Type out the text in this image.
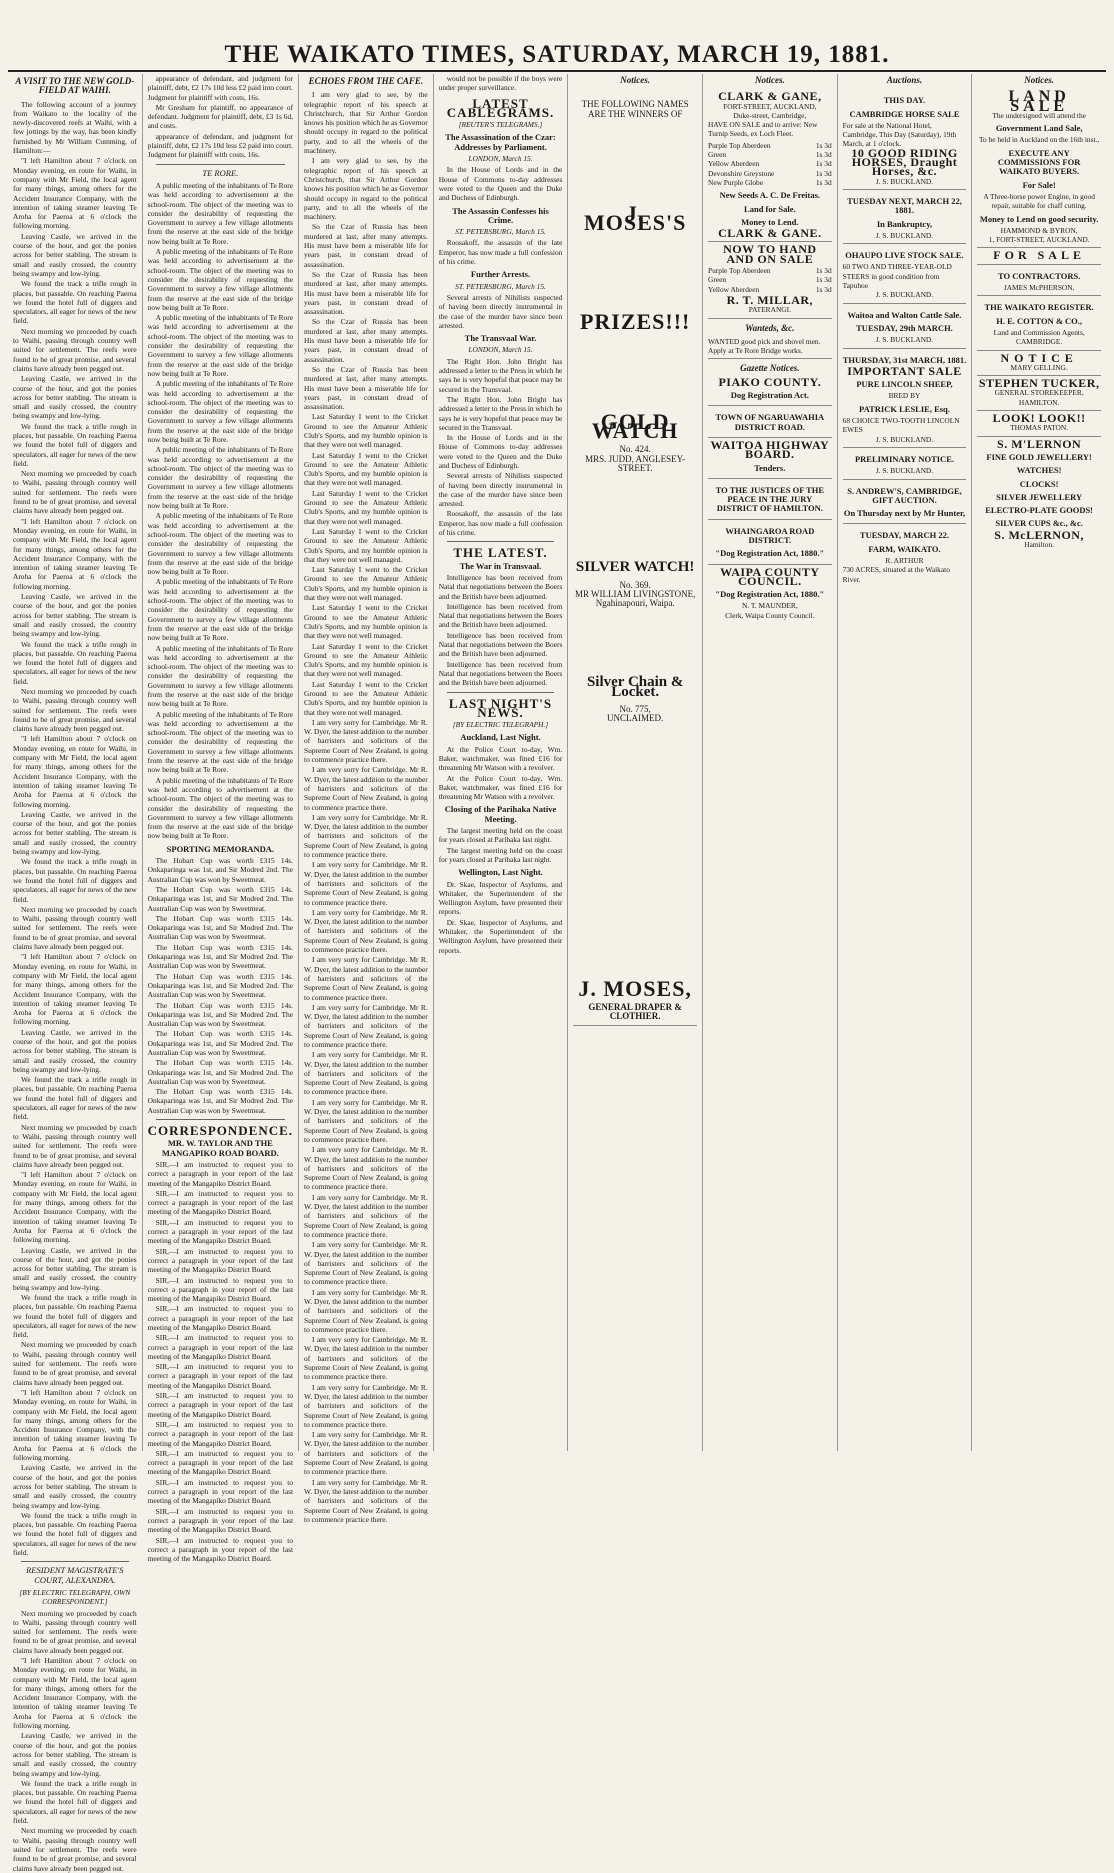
THE WAIKATO TIMES, SATURDAY, MARCH 19, 1881.
A VISIT TO THE NEW GOLD-FIELD AT WAIHI.

The following account of a journey from Waikato to the locality of the newly-discovered reefs at Waihi, with a few jottings by the way, has been kindly furnished by Mr William Cumming, of Hamilton:—

"I left Hamilton about 7 o'clock on Monday evening, en route for Waihi, in company with Mr Field, the local agent for many things, among others for the Accident Insurance Company, with the intention of taking steamer leaving Te Aroha for Paeroa at 6 o'clock the following morning.

Leaving Castle, we arrived in the course of the hour, and got the ponies across for better stabling. The stream is small and easily crossed, the country being swampy and low-lying.

We found the track a trifle rough in places, but passable. On reaching Paeroa we found the hotel full of diggers and speculators, all eager for news of the new field.

Next morning we proceeded by coach to Waihi, passing through country well suited for settlement. The reefs were found to be of great promise, and several claims have already been pegged out.

Leaving Castle, we arrived in the course of the hour, and got the ponies across for better stabling. The stream is small and easily crossed, the country being swampy and low-lying.

We found the track a trifle rough in places, but passable. On reaching Paeroa we found the hotel full of diggers and speculators, all eager for news of the new field.

Next morning we proceeded by coach to Waihi, passing through country well suited for settlement. The reefs were found to be of great promise, and several claims have already been pegged out.

"I left Hamilton about 7 o'clock on Monday evening, en route for Waihi, in company with Mr Field, the local agent for many things, among others for the Accident Insurance Company, with the intention of taking steamer leaving Te Aroha for Paeroa at 6 o'clock the following morning.

Leaving Castle, we arrived in the course of the hour, and got the ponies across for better stabling. The stream is small and easily crossed, the country being swampy and low-lying.

We found the track a trifle rough in places, but passable. On reaching Paeroa we found the hotel full of diggers and speculators, all eager for news of the new field.

Next morning we proceeded by coach to Waihi, passing through country well suited for settlement. The reefs were found to be of great promise, and several claims have already been pegged out.

"I left Hamilton about 7 o'clock on Monday evening, en route for Waihi, in company with Mr Field, the local agent for many things, among others for the Accident Insurance Company, with the intention of taking steamer leaving Te Aroha for Paeroa at 6 o'clock the following morning.

Leaving Castle, we arrived in the course of the hour, and got the ponies across for better stabling. The stream is small and easily crossed, the country being swampy and low-lying.

We found the track a trifle rough in places, but passable. On reaching Paeroa we found the hotel full of diggers and speculators, all eager for news of the new field.

Next morning we proceeded by coach to Waihi, passing through country well suited for settlement. The reefs were found to be of great promise, and several claims have already been pegged out.

"I left Hamilton about 7 o'clock on Monday evening, en route for Waihi, in company with Mr Field, the local agent for many things, among others for the Accident Insurance Company, with the intention of taking steamer leaving Te Aroha for Paeroa at 6 o'clock the following morning.

Leaving Castle, we arrived in the course of the hour, and got the ponies across for better stabling. The stream is small and easily crossed, the country being swampy and low-lying.

We found the track a trifle rough in places, but passable. On reaching Paeroa we found the hotel full of diggers and speculators, all eager for news of the new field.

Next morning we proceeded by coach to Waihi, passing through country well suited for settlement. The reefs were found to be of great promise, and several claims have already been pegged out.

"I left Hamilton about 7 o'clock on Monday evening, en route for Waihi, in company with Mr Field, the local agent for many things, among others for the Accident Insurance Company, with the intention of taking steamer leaving Te Aroha for Paeroa at 6 o'clock the following morning.

Leaving Castle, we arrived in the course of the hour, and got the ponies across for better stabling. The stream is small and easily crossed, the country being swampy and low-lying.

We found the track a trifle rough in places, but passable. On reaching Paeroa we found the hotel full of diggers and speculators, all eager for news of the new field.

Next morning we proceeded by coach to Waihi, passing through country well suited for settlement. The reefs were found to be of great promise, and several claims have already been pegged out.

"I left Hamilton about 7 o'clock on Monday evening, en route for Waihi, in company with Mr Field, the local agent for many things, among others for the Accident Insurance Company, with the intention of taking steamer leaving Te Aroha for Paeroa at 6 o'clock the following morning.

Leaving Castle, we arrived in the course of the hour, and got the ponies across for better stabling. The stream is small and easily crossed, the country being swampy and low-lying.

We found the track a trifle rough in places, but passable. On reaching Paeroa we found the hotel full of diggers and speculators, all eager for news of the new field.

RESIDENT MAGISTRATE'S COURT, ALEXANDRA.
[BY ELECTRIC TELEGRAPH, OWN CORRESPONDENT.]

Next morning we proceeded by coach to Waihi, passing through country well suited for settlement. The reefs were found to be of great promise, and several claims have already been pegged out.

"I left Hamilton about 7 o'clock on Monday evening, en route for Waihi, in company with Mr Field, the local agent for many things, among others for the Accident Insurance Company, with the intention of taking steamer leaving Te Aroha for Paeroa at 6 o'clock the following morning.

Leaving Castle, we arrived in the course of the hour, and got the ponies across for better stabling. The stream is small and easily crossed, the country being swampy and low-lying.

We found the track a trifle rough in places, but passable. On reaching Paeroa we found the hotel full of diggers and speculators, all eager for news of the new field.

Next morning we proceeded by coach to Waihi, passing through country well suited for settlement. The reefs were found to be of great promise, and several claims have already been pegged out.

appearance of defendant, and judgment for plaintiff, debt, £2 17s 10d less £2 paid into court. Judgment for plaintiff with costs, 16s.

Mr Gresham for plaintiff, no appearance of defendant. Judgment for plaintiff, debt, £3 1s 6d, and costs.

appearance of defendant, and judgment for plaintiff, debt, £2 17s 10d less £2 paid into court. Judgment for plaintiff with costs, 16s.

TE RORE.

A public meeting of the inhabitants of Te Rore was held according to advertisement at the school-room. The object of the meeting was to consider the desirability of requesting the Government to survey a few village allotments from the reserve at the east side of the bridge now being built at Te Rore.

A public meeting of the inhabitants of Te Rore was held according to advertisement at the school-room. The object of the meeting was to consider the desirability of requesting the Government to survey a few village allotments from the reserve at the east side of the bridge now being built at Te Rore.

A public meeting of the inhabitants of Te Rore was held according to advertisement at the school-room. The object of the meeting was to consider the desirability of requesting the Government to survey a few village allotments from the reserve at the east side of the bridge now being built at Te Rore.

A public meeting of the inhabitants of Te Rore was held according to advertisement at the school-room. The object of the meeting was to consider the desirability of requesting the Government to survey a few village allotments from the reserve at the east side of the bridge now being built at Te Rore.

A public meeting of the inhabitants of Te Rore was held according to advertisement at the school-room. The object of the meeting was to consider the desirability of requesting the Government to survey a few village allotments from the reserve at the east side of the bridge now being built at Te Rore.

A public meeting of the inhabitants of Te Rore was held according to advertisement at the school-room. The object of the meeting was to consider the desirability of requesting the Government to survey a few village allotments from the reserve at the east side of the bridge now being built at Te Rore.

A public meeting of the inhabitants of Te Rore was held according to advertisement at the school-room. The object of the meeting was to consider the desirability of requesting the Government to survey a few village allotments from the reserve at the east side of the bridge now being built at Te Rore.

A public meeting of the inhabitants of Te Rore was held according to advertisement at the school-room. The object of the meeting was to consider the desirability of requesting the Government to survey a few village allotments from the reserve at the east side of the bridge now being built at Te Rore.

A public meeting of the inhabitants of Te Rore was held according to advertisement at the school-room. The object of the meeting was to consider the desirability of requesting the Government to survey a few village allotments from the reserve at the east side of the bridge now being built at Te Rore.

A public meeting of the inhabitants of Te Rore was held according to advertisement at the school-room. The object of the meeting was to consider the desirability of requesting the Government to survey a few village allotments from the reserve at the east side of the bridge now being built at Te Rore.

SPORTING MEMORANDA.

The Hobart Cup was worth £315 14s. Onkaparinga was 1st, and Sir Modred 2nd. The Australian Cup was won by Sweetmeat.

The Hobart Cup was worth £315 14s. Onkaparinga was 1st, and Sir Modred 2nd. The Australian Cup was won by Sweetmeat.

The Hobart Cup was worth £315 14s. Onkaparinga was 1st, and Sir Modred 2nd. The Australian Cup was won by Sweetmeat.

The Hobart Cup was worth £315 14s. Onkaparinga was 1st, and Sir Modred 2nd. The Australian Cup was won by Sweetmeat.

The Hobart Cup was worth £315 14s. Onkaparinga was 1st, and Sir Modred 2nd. The Australian Cup was won by Sweetmeat.

The Hobart Cup was worth £315 14s. Onkaparinga was 1st, and Sir Modred 2nd. The Australian Cup was won by Sweetmeat.

The Hobart Cup was worth £315 14s. Onkaparinga was 1st, and Sir Modred 2nd. The Australian Cup was won by Sweetmeat.

The Hobart Cup was worth £315 14s. Onkaparinga was 1st, and Sir Modred 2nd. The Australian Cup was won by Sweetmeat.

The Hobart Cup was worth £315 14s. Onkaparinga was 1st, and Sir Modred 2nd. The Australian Cup was won by Sweetmeat.

CORRESPONDENCE.
MR. W. TAYLOR AND THE MANGAPIKO ROAD BOARD.

SIR,—I am instructed to request you to correct a paragraph in your report of the last meeting of the Mangapiko District Board.

SIR,—I am instructed to request you to correct a paragraph in your report of the last meeting of the Mangapiko District Board.

SIR,—I am instructed to request you to correct a paragraph in your report of the last meeting of the Mangapiko District Board.

SIR,—I am instructed to request you to correct a paragraph in your report of the last meeting of the Mangapiko District Board.

SIR,—I am instructed to request you to correct a paragraph in your report of the last meeting of the Mangapiko District Board.

SIR,—I am instructed to request you to correct a paragraph in your report of the last meeting of the Mangapiko District Board.

SIR,—I am instructed to request you to correct a paragraph in your report of the last meeting of the Mangapiko District Board.

SIR,—I am instructed to request you to correct a paragraph in your report of the last meeting of the Mangapiko District Board.

SIR,—I am instructed to request you to correct a paragraph in your report of the last meeting of the Mangapiko District Board.

SIR,—I am instructed to request you to correct a paragraph in your report of the last meeting of the Mangapiko District Board.

SIR,—I am instructed to request you to correct a paragraph in your report of the last meeting of the Mangapiko District Board.

SIR,—I am instructed to request you to correct a paragraph in your report of the last meeting of the Mangapiko District Board.

SIR,—I am instructed to request you to correct a paragraph in your report of the last meeting of the Mangapiko District Board.

SIR,—I am instructed to request you to correct a paragraph in your report of the last meeting of the Mangapiko District Board.

ECHOES FROM THE CAFE.

I am very glad to see, by the telegraphic report of his speech at Christchurch, that Sir Arthur Gordon knows his position which he as Governor should occupy in regard to the political party, and to all the wheels of the machinery.

I am very glad to see, by the telegraphic report of his speech at Christchurch, that Sir Arthur Gordon knows his position which he as Governor should occupy in regard to the political party, and to all the wheels of the machinery.

So the Czar of Russia has been murdered at last, after many attempts. His must have been a miserable life for years past, in constant dread of assassination.

So the Czar of Russia has been murdered at last, after many attempts. His must have been a miserable life for years past, in constant dread of assassination.

So the Czar of Russia has been murdered at last, after many attempts. His must have been a miserable life for years past, in constant dread of assassination.

So the Czar of Russia has been murdered at last, after many attempts. His must have been a miserable life for years past, in constant dread of assassination.

Last Saturday I went to the Cricket Ground to see the Amateur Athletic Club's Sports, and my humble opinion is that they were not well managed.

Last Saturday I went to the Cricket Ground to see the Amateur Athletic Club's Sports, and my humble opinion is that they were not well managed.

Last Saturday I went to the Cricket Ground to see the Amateur Athletic Club's Sports, and my humble opinion is that they were not well managed.

Last Saturday I went to the Cricket Ground to see the Amateur Athletic Club's Sports, and my humble opinion is that they were not well managed.

Last Saturday I went to the Cricket Ground to see the Amateur Athletic Club's Sports, and my humble opinion is that they were not well managed.

Last Saturday I went to the Cricket Ground to see the Amateur Athletic Club's Sports, and my humble opinion is that they were not well managed.

Last Saturday I went to the Cricket Ground to see the Amateur Athletic Club's Sports, and my humble opinion is that they were not well managed.

Last Saturday I went to the Cricket Ground to see the Amateur Athletic Club's Sports, and my humble opinion is that they were not well managed.

I am very sorry for Cambridge. Mr R. W. Dyer, the latest addition to the number of barristers and solicitors of the Supreme Court of New Zealand, is going to commence practice there.

I am very sorry for Cambridge. Mr R. W. Dyer, the latest addition to the number of barristers and solicitors of the Supreme Court of New Zealand, is going to commence practice there.

I am very sorry for Cambridge. Mr R. W. Dyer, the latest addition to the number of barristers and solicitors of the Supreme Court of New Zealand, is going to commence practice there.

I am very sorry for Cambridge. Mr R. W. Dyer, the latest addition to the number of barristers and solicitors of the Supreme Court of New Zealand, is going to commence practice there.

I am very sorry for Cambridge. Mr R. W. Dyer, the latest addition to the number of barristers and solicitors of the Supreme Court of New Zealand, is going to commence practice there.

I am very sorry for Cambridge. Mr R. W. Dyer, the latest addition to the number of barristers and solicitors of the Supreme Court of New Zealand, is going to commence practice there.

I am very sorry for Cambridge. Mr R. W. Dyer, the latest addition to the number of barristers and solicitors of the Supreme Court of New Zealand, is going to commence practice there.

I am very sorry for Cambridge. Mr R. W. Dyer, the latest addition to the number of barristers and solicitors of the Supreme Court of New Zealand, is going to commence practice there.

I am very sorry for Cambridge. Mr R. W. Dyer, the latest addition to the number of barristers and solicitors of the Supreme Court of New Zealand, is going to commence practice there.

I am very sorry for Cambridge. Mr R. W. Dyer, the latest addition to the number of barristers and solicitors of the Supreme Court of New Zealand, is going to commence practice there.

I am very sorry for Cambridge. Mr R. W. Dyer, the latest addition to the number of barristers and solicitors of the Supreme Court of New Zealand, is going to commence practice there.

I am very sorry for Cambridge. Mr R. W. Dyer, the latest addition to the number of barristers and solicitors of the Supreme Court of New Zealand, is going to commence practice there.

I am very sorry for Cambridge. Mr R. W. Dyer, the latest addition to the number of barristers and solicitors of the Supreme Court of New Zealand, is going to commence practice there.

I am very sorry for Cambridge. Mr R. W. Dyer, the latest addition to the number of barristers and solicitors of the Supreme Court of New Zealand, is going to commence practice there.

I am very sorry for Cambridge. Mr R. W. Dyer, the latest addition to the number of barristers and solicitors of the Supreme Court of New Zealand, is going to commence practice there.

I am very sorry for Cambridge. Mr R. W. Dyer, the latest addition to the number of barristers and solicitors of the Supreme Court of New Zealand, is going to commence practice there.

I am very sorry for Cambridge. Mr R. W. Dyer, the latest addition to the number of barristers and solicitors of the Supreme Court of New Zealand, is going to commence practice there.

would not be possible if the boys were under proper surveillance.

LATEST CABLEGRAMS.
[REUTER'S TELEGRAMS.]
The Assassination of the Czar: Addresses by Parliament.
LONDON, March 15.

In the House of Lords and in the House of Commons to-day addresses were voted to the Queen and the Duke and Duchess of Edinburgh.

The Assassin Confesses his Crime.
ST. PETERSBURG, March 15.

Roosakoff, the assassin of the late Emperor, has now made a full confession of his crime.

Further Arrests.
ST. PETERSBURG, March 15.

Several arrests of Nihilists suspected of having been directly instrumental in the case of the murder have since been arrested.

The Transvaal War.
LONDON, March 15.

The Right Hon. John Bright has addressed a letter to the Press in which he says he is very hopeful that peace may be secured in the Transvaal.

The Right Hon. John Bright has addressed a letter to the Press in which he says he is very hopeful that peace may be secured in the Transvaal.

In the House of Lords and in the House of Commons to-day addresses were voted to the Queen and the Duke and Duchess of Edinburgh.

Several arrests of Nihilists suspected of having been directly instrumental in the case of the murder have since been arrested.

Roosakoff, the assassin of the late Emperor, has now made a full confession of his crime.

THE LATEST.
The War in Transvaal.

Intelligence has been received from Natal that negotiations between the Boers and the British have been adjourned.

Intelligence has been received from Natal that negotiations between the Boers and the British have been adjourned.

Intelligence has been received from Natal that negotiations between the Boers and the British have been adjourned.

Intelligence has been received from Natal that negotiations between the Boers and the British have been adjourned.

LAST NIGHT'S NEWS.
[BY ELECTRIC TELEGRAPH.]
Auckland, Last Night.

At the Police Court to-day, Wm. Baker, watchmaker, was fined £16 for threatening Mr Watson with a revolver.

At the Police Court to-day, Wm. Baker, watchmaker, was fined £16 for threatening Mr Watson with a revolver.

Closing of the Parihaka Native Meeting.

The largest meeting held on the coast for years closed at Parihaka last night.

The largest meeting held on the coast for years closed at Parihaka last night.

Wellington, Last Night.

Dr. Skae, Inspector of Asylums, and Whitaker, the Superintendent of the Wellington Asylum, have presented their reports.

Dr. Skae, Inspector of Asylums, and Whitaker, the Superintendent of the Wellington Asylum, have presented their reports.

Notices.
THE FOLLOWING NAMES ARE THE WINNERS OF
J. MOSES'S
PRIZES!!!
GOLD WATCH
No. 424.
MRS. JUDD, ANGLESEY-STREET.
SILVER WATCH!
No. 369.
MR WILLIAM LIVINGSTONE, Ngahinapouri, Waipa.
Silver Chain & Locket.
No. 775,
UNCLAIMED.
J. MOSES,
GENERAL DRAPER & CLOTHIER.
Notices.
CLARK & GANE,
FORT-STREET, AUCKLAND,
Duke-street, Cambridge,
HAVE ON SALE and to arrive: New Turnip Seeds, ex Loch Fleet.
Purple Top Aberdeen	1s 3d
Green	1s 3d
Yellow Aberdeen	1s 3d
Devonshire Greystone	1s 3d
New Purple Globe	1s 3d
New Seeds A. C. De Freitas.
Land for Sale.
Money to Lend.
CLARK & GANE.
NOW TO HAND AND ON SALE
Purple Top Aberdeen	1s 3d
Green	1s 3d
Yellow Aberdeen	1s 3d
R. T. MILLAR,
PATERANGI.
Wanteds, &c.
WANTED good pick and shovel men. Apply at Te Rore Bridge works.
Gazette Notices.
PIAKO COUNTY.
Dog Registration Act.
TOWN OF NGARUAWAHIA DISTRICT ROAD.
WAITOA HIGHWAY BOARD.
Tenders.
TO THE JUSTICES OF THE PEACE IN THE JURY DISTRICT OF HAMILTON.
WHAINGAROA ROAD DISTRICT.
"Dog Registration Act, 1880."
WAIPA COUNTY COUNCIL.
"Dog Registration Act, 1880."
N. T. MAUNDER,
Clerk, Waipa County Council.
Auctions.
THIS DAY.
CAMBRIDGE HORSE SALE
For sale at the National Hotel, Cambridge, This Day (Saturday), 19th March, at 1 o'clock.
10 GOOD RIDING HORSES, Draught Horses, &c.
J. S. BUCKLAND.
TUESDAY NEXT, MARCH 22, 1881.
In Bankruptcy,
J. S. BUCKLAND.
OHAUPO LIVE STOCK SALE.
60 TWO AND THREE-YEAR-OLD STEERS in good condition from Tapuhoe
J. S. BUCKLAND.
Waitoa and Walton Cattle Sale.
TUESDAY, 29th MARCH.
J. S. BUCKLAND.
THURSDAY, 31st MARCH, 1881.
IMPORTANT SALE
PURE LINCOLN SHEEP,
BRED BY
PATRICK LESLIE, Esq.
68 CHOICE TWO-TOOTH LINCOLN EWES
J. S. BUCKLAND.
PRELIMINARY NOTICE.
J. S. BUCKLAND.
S. ANDREW'S, CAMBRIDGE, GIFT AUCTION.
On Thursday next by Mr Hunter,
TUESDAY, MARCH 22.
FARM, WAIKATO.
R. ARTHUR
730 ACRES, situated at the Waikato River.
Notices.
LAND SALE
The undersigned will attend the
Government Land Sale,
To be held in Auckland on the 16th inst.,
EXECUTE ANY COMMISSIONS FOR WAIKATO BUYERS.
For Sale!
A Three-horse power Engine, in good repair, suitable for chaff cutting.
Money to Lend on good security.
HAMMOND & BYRON,
1, FORT-STREET, AUCKLAND.
FOR SALE
TO CONTRACTORS.
JAMES McPHERSON,
THE WAIKATO REGISTER.
H. E. COTTON & CO.,
Land and Commission Agents, CAMBRIDGE.
NOTICE
MARY GELLING.
STEPHEN TUCKER,
GENERAL STOREKEEPER, HAMILTON.
LOOK! LOOK!!
THOMAS PATON.
S. M'LERNON
FINE GOLD JEWELLERY!
WATCHES!
CLOCKS!
SILVER JEWELLERY
ELECTRO-PLATE GOODS!
SILVER CUPS &c., &c.
S. McLERNON,
Hamilton.
